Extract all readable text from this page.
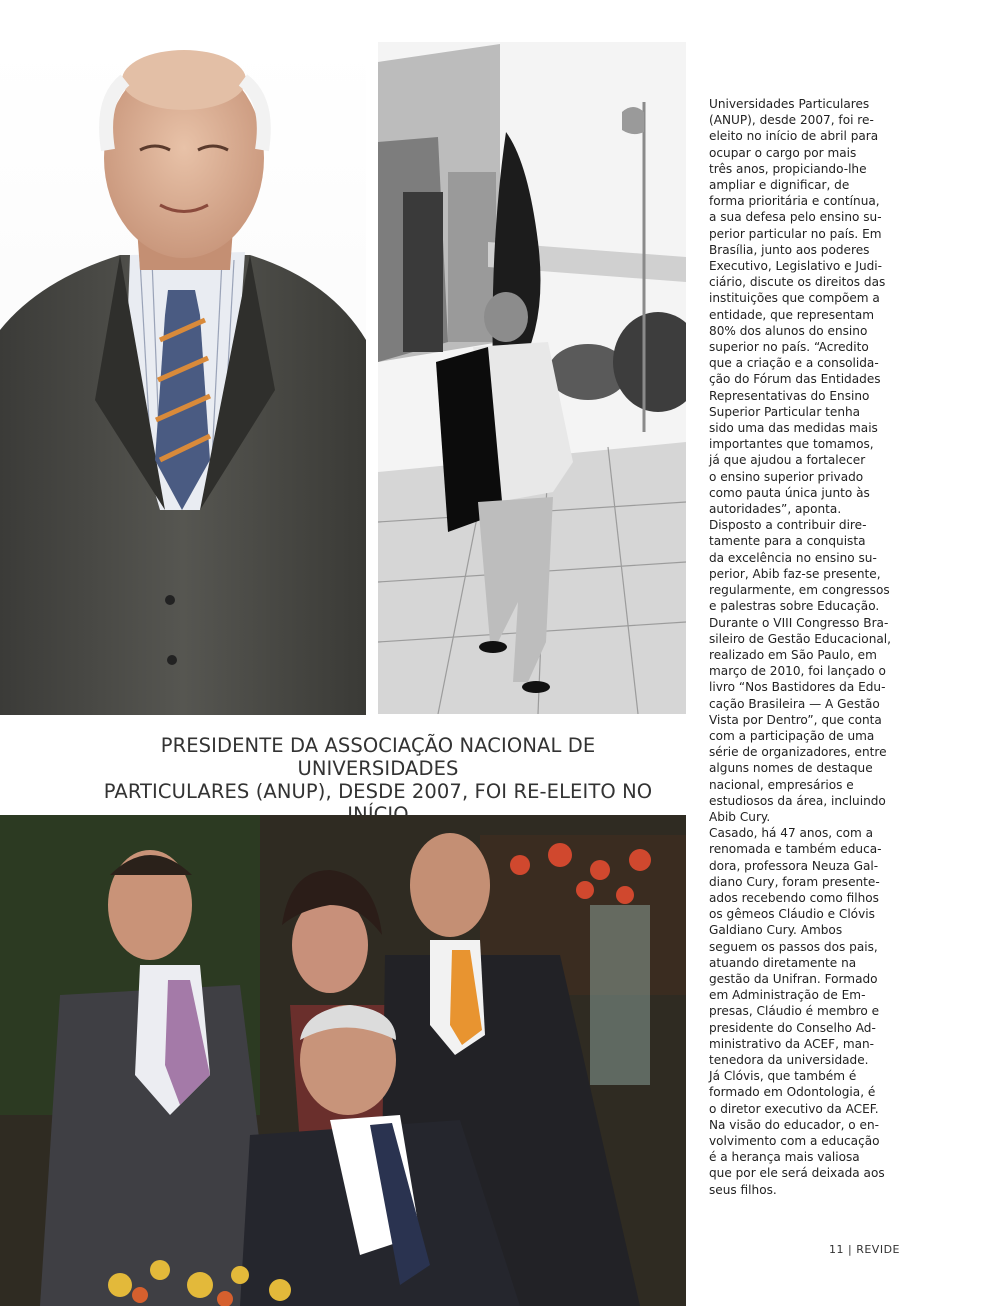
PRESIDENTE DA ASSOCIAÇÃO NACIONAL DE UNIVERSIDADES
PARTICULARES (ANUP), DESDE 2007, FOI RE-ELEITO NO
Universidades Particulares
(ANUP), desde 2007, foi re-
eleito no início de abril para
ocupar o cargo por mais
três anos, propiciando-lhe
ampliar e dignificar, de
forma prioritária e contínua,
a sua defesa pelo ensino su-
perior particular no país. Em
Brasília, junto aos poderes
Executivo, Legislativo e Judi-
ciário, discute os direitos das
instituições que compõem a
entidade, que representam
80% dos alunos do ensino
superior no país. “Acredito
que a criação e a consolida-
ção do Fórum das Entidades
Representativas do Ensino
Superior Particular tenha
sido uma das medidas mais
importantes que tomamos,
já que ajudou a fortalecer
o ensino superior privado
como pauta única junto às
autoridades”, aponta.
Disposto a contribuir dire-
tamente para a conquista
da excelência no ensino su-
perior, Abib faz-se presente,
regularmente, em congressos
e palestras sobre Educação.
Durante o VIII Congresso Bra-
sileiro de Gestão Educacional,
realizado em São Paulo, em
março de 2010, foi lançado o
livro “Nos Bastidores da Edu-
cação Brasileira — A Gestão
Vista por Dentro”, que conta
com a participação de uma
série de organizadores, entre
alguns nomes de destaque
nacional, empresários e
estudiosos da área, incluindo
Abib Cury.
Casado, há 47 anos, com a
renomada e também educa-
dora, professora Neuza Gal-
diano Cury, foram presente-
ados recebendo como filhos
os gêmeos Cláudio e Clóvis
Galdiano Cury. Ambos
seguem os passos dos pais,
atuando diretamente na
gestão da Unifran. Formado
em Administração de Em-
presas, Cláudio é membro e
presidente do Conselho Ad-
ministrativo da ACEF, man-
tenedora da universidade.
Já Clóvis, que também é
formado em Odontologia, é
o diretor executivo da ACEF.
Na visão do educador, o en-
volvimento com a educação
é a herança mais valiosa
que por ele será deixada aos
seus filhos.
11 | REVIDE
